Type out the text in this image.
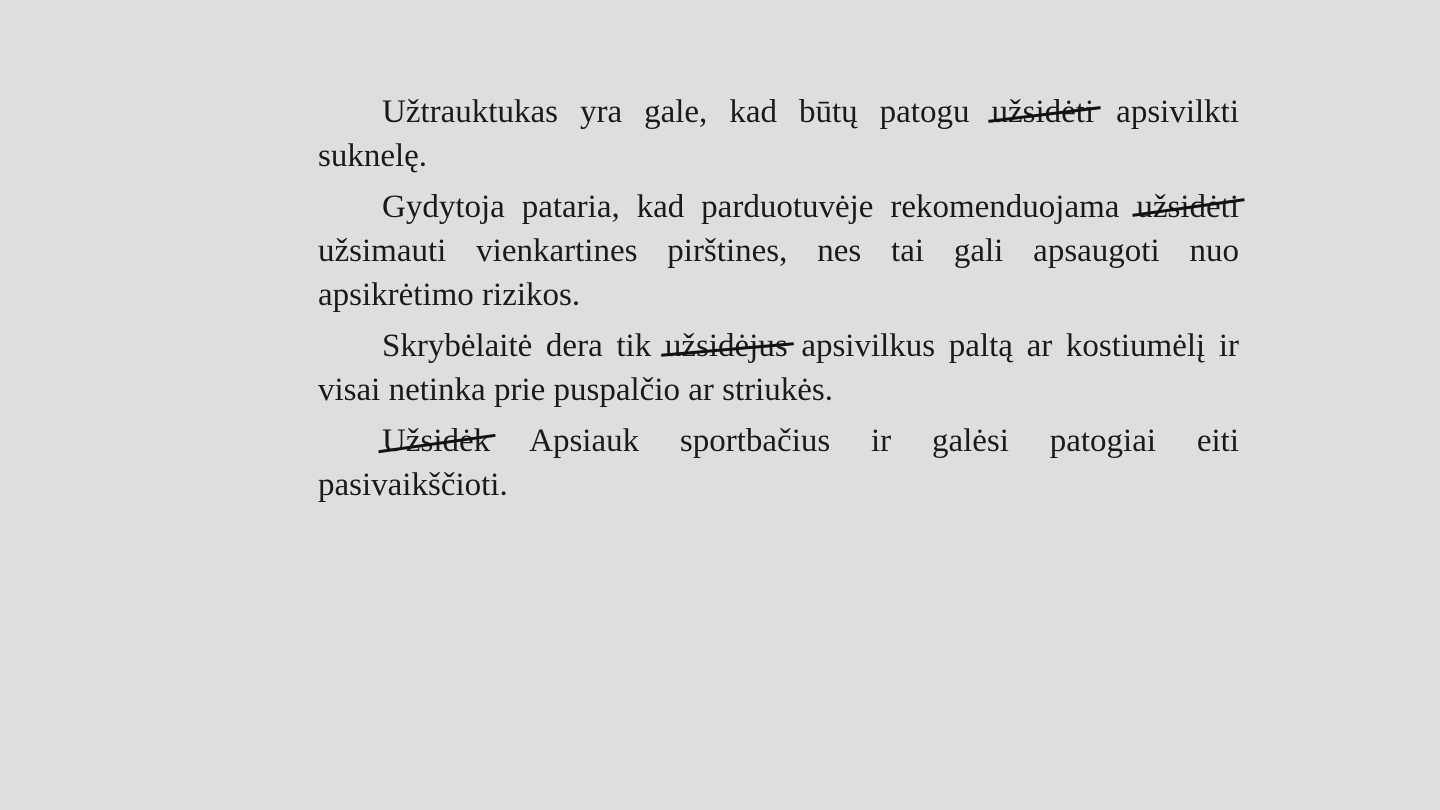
Užtrauktukas yra gale, kad būtų patogu užsidėti
apsivilkti suknelę.

Gydytoja pataria, kad parduotuvėje rekomenduojama užsidėti
užsimauti vienkartines pirštines, nes tai gali apsaugoti nuo apsikrėtimo rizikos.

Skrybėlaitė dera tik užsidėjus
apsivilkus paltą ar kostiumėlį ir visai netinka prie puspalčio ar striukės.

Užsidėk
Apsiauk sportbačius ir galėsi patogiai eiti pasivaikščioti.
